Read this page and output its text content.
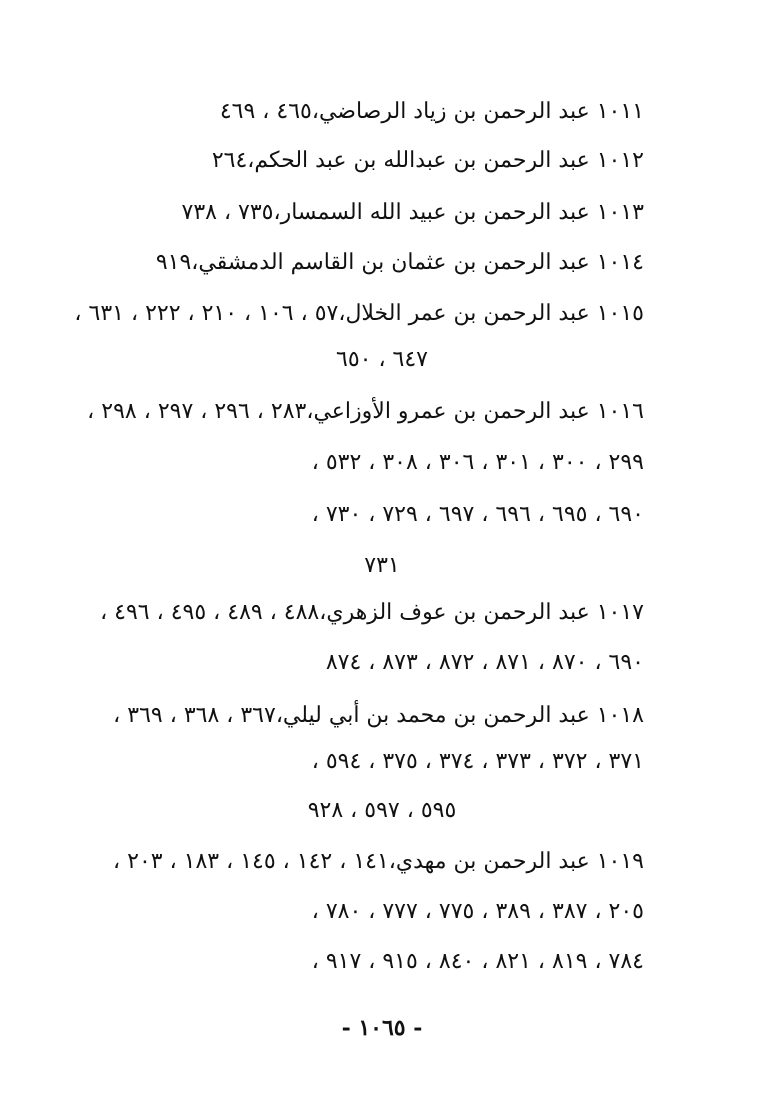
١٠١١ عبد الرحمن بن زياد الرصاضي،٤٦٥ ، ٤٦٩
١٠١٢ عبد الرحمن بن عبدالله بن عبد الحكم،٢٦٤
١٠١٣ عبد الرحمن بن عبيد الله السمسار،٧٣٥ ، ٧٣٨
١٠١٤ عبد الرحمن بن عثمان بن القاسم الدمشقي،٩١٩
١٠١٥ عبد الرحمن بن عمر الخلال،٥٧ ، ١٠٦ ، ٢١٠ ، ٢٢٢ ، ٦٣١ ،
٦٤٧ ، ٦٥٠
١٠١٦ عبد الرحمن بن عمرو الأوزاعي،٢٨٣ ، ٢٩٦ ، ٢٩٧ ، ٢٩٨ ،
٢٩٩ ، ٣٠٠ ، ٣٠١ ، ٣٠٦ ، ٣٠٨ ، ٥٣٢ ،
٦٩٠ ، ٦٩٥ ، ٦٩٦ ، ٦٩٧ ، ٧٢٩ ، ٧٣٠ ،
٧٣١
١٠١٧ عبد الرحمن بن عوف الزهري،٤٨٨ ، ٤٨٩ ، ٤٩٥ ، ٤٩٦ ،
٦٩٠ ، ٨٧٠ ، ٨٧١ ، ٨٧٢ ، ٨٧٣ ، ٨٧٤
١٠١٨ عبد الرحمن بن محمد بن أبي ليلي،٣٦٧ ، ٣٦٨ ، ٣٦٩ ،
٣٧١ ، ٣٧٢ ، ٣٧٣ ، ٣٧٤ ، ٣٧٥ ، ٥٩٤ ،
٥٩٥ ، ٥٩٧ ، ٩٢٨
١٠١٩ عبد الرحمن بن مهدي،١٤١ ، ١٤٢ ، ١٤٥ ، ١٨٣ ، ٢٠٣ ،
٢٠٥ ، ٣٨٧ ، ٣٨٩ ، ٧٧٥ ، ٧٧٧ ، ٧٨٠ ،
٧٨٤ ، ٨١٩ ، ٨٢١ ، ٨٤٠ ، ٩١٥ ، ٩١٧ ،
- ١٠٦٥ -
